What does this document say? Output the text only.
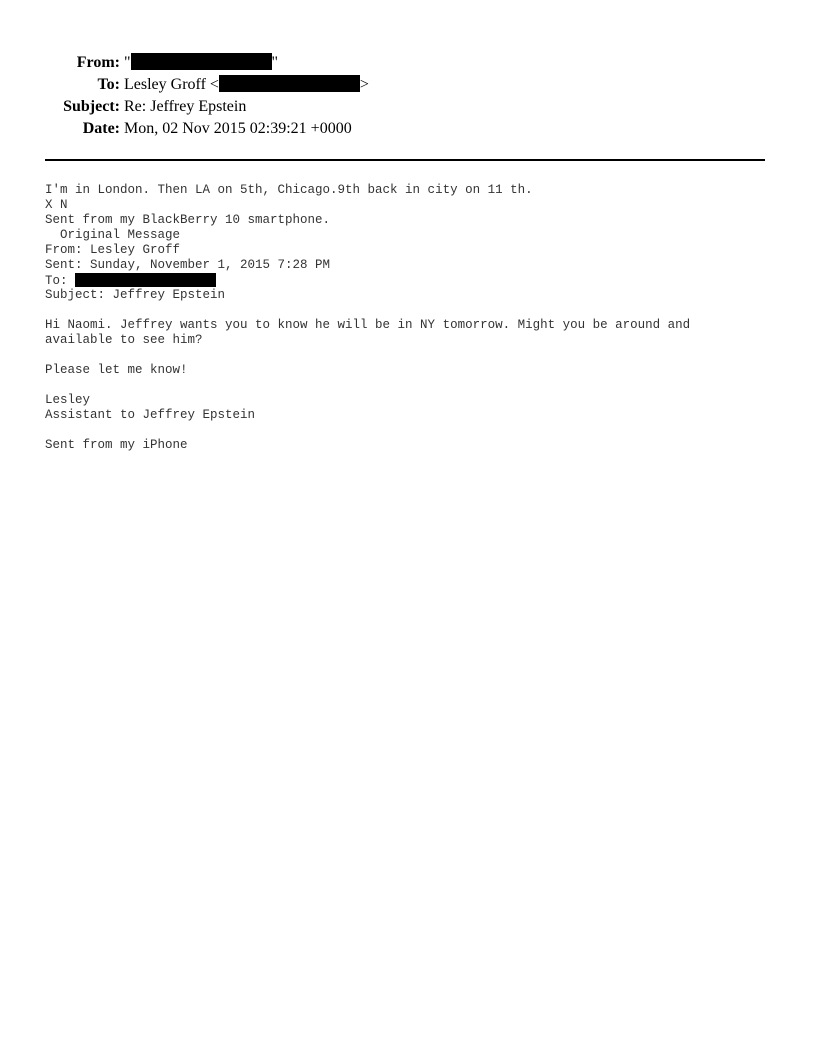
From: "	"
To: Lesley Groff <	>
Subject: Re: Jeffrey Epstein
Date: Mon, 02 Nov 2015 02:39:21 +0000
I'm in London. Then LA on 5th, Chicago.9th back in city on 11 th.
X N
Sent from my BlackBerry 10 smartphone.
Original Message
From: Lesley Groff
Sent: Sunday, November 1, 2015 7:28 PM
To:
Subject: Jeffrey Epstein
Hi Naomi. Jeffrey wants you to know he will be in NY tomorrow. Might you be around and
available to see him?
Please let me know!
Lesley
Assistant to Jeffrey Epstein
Sent from my iPhone
